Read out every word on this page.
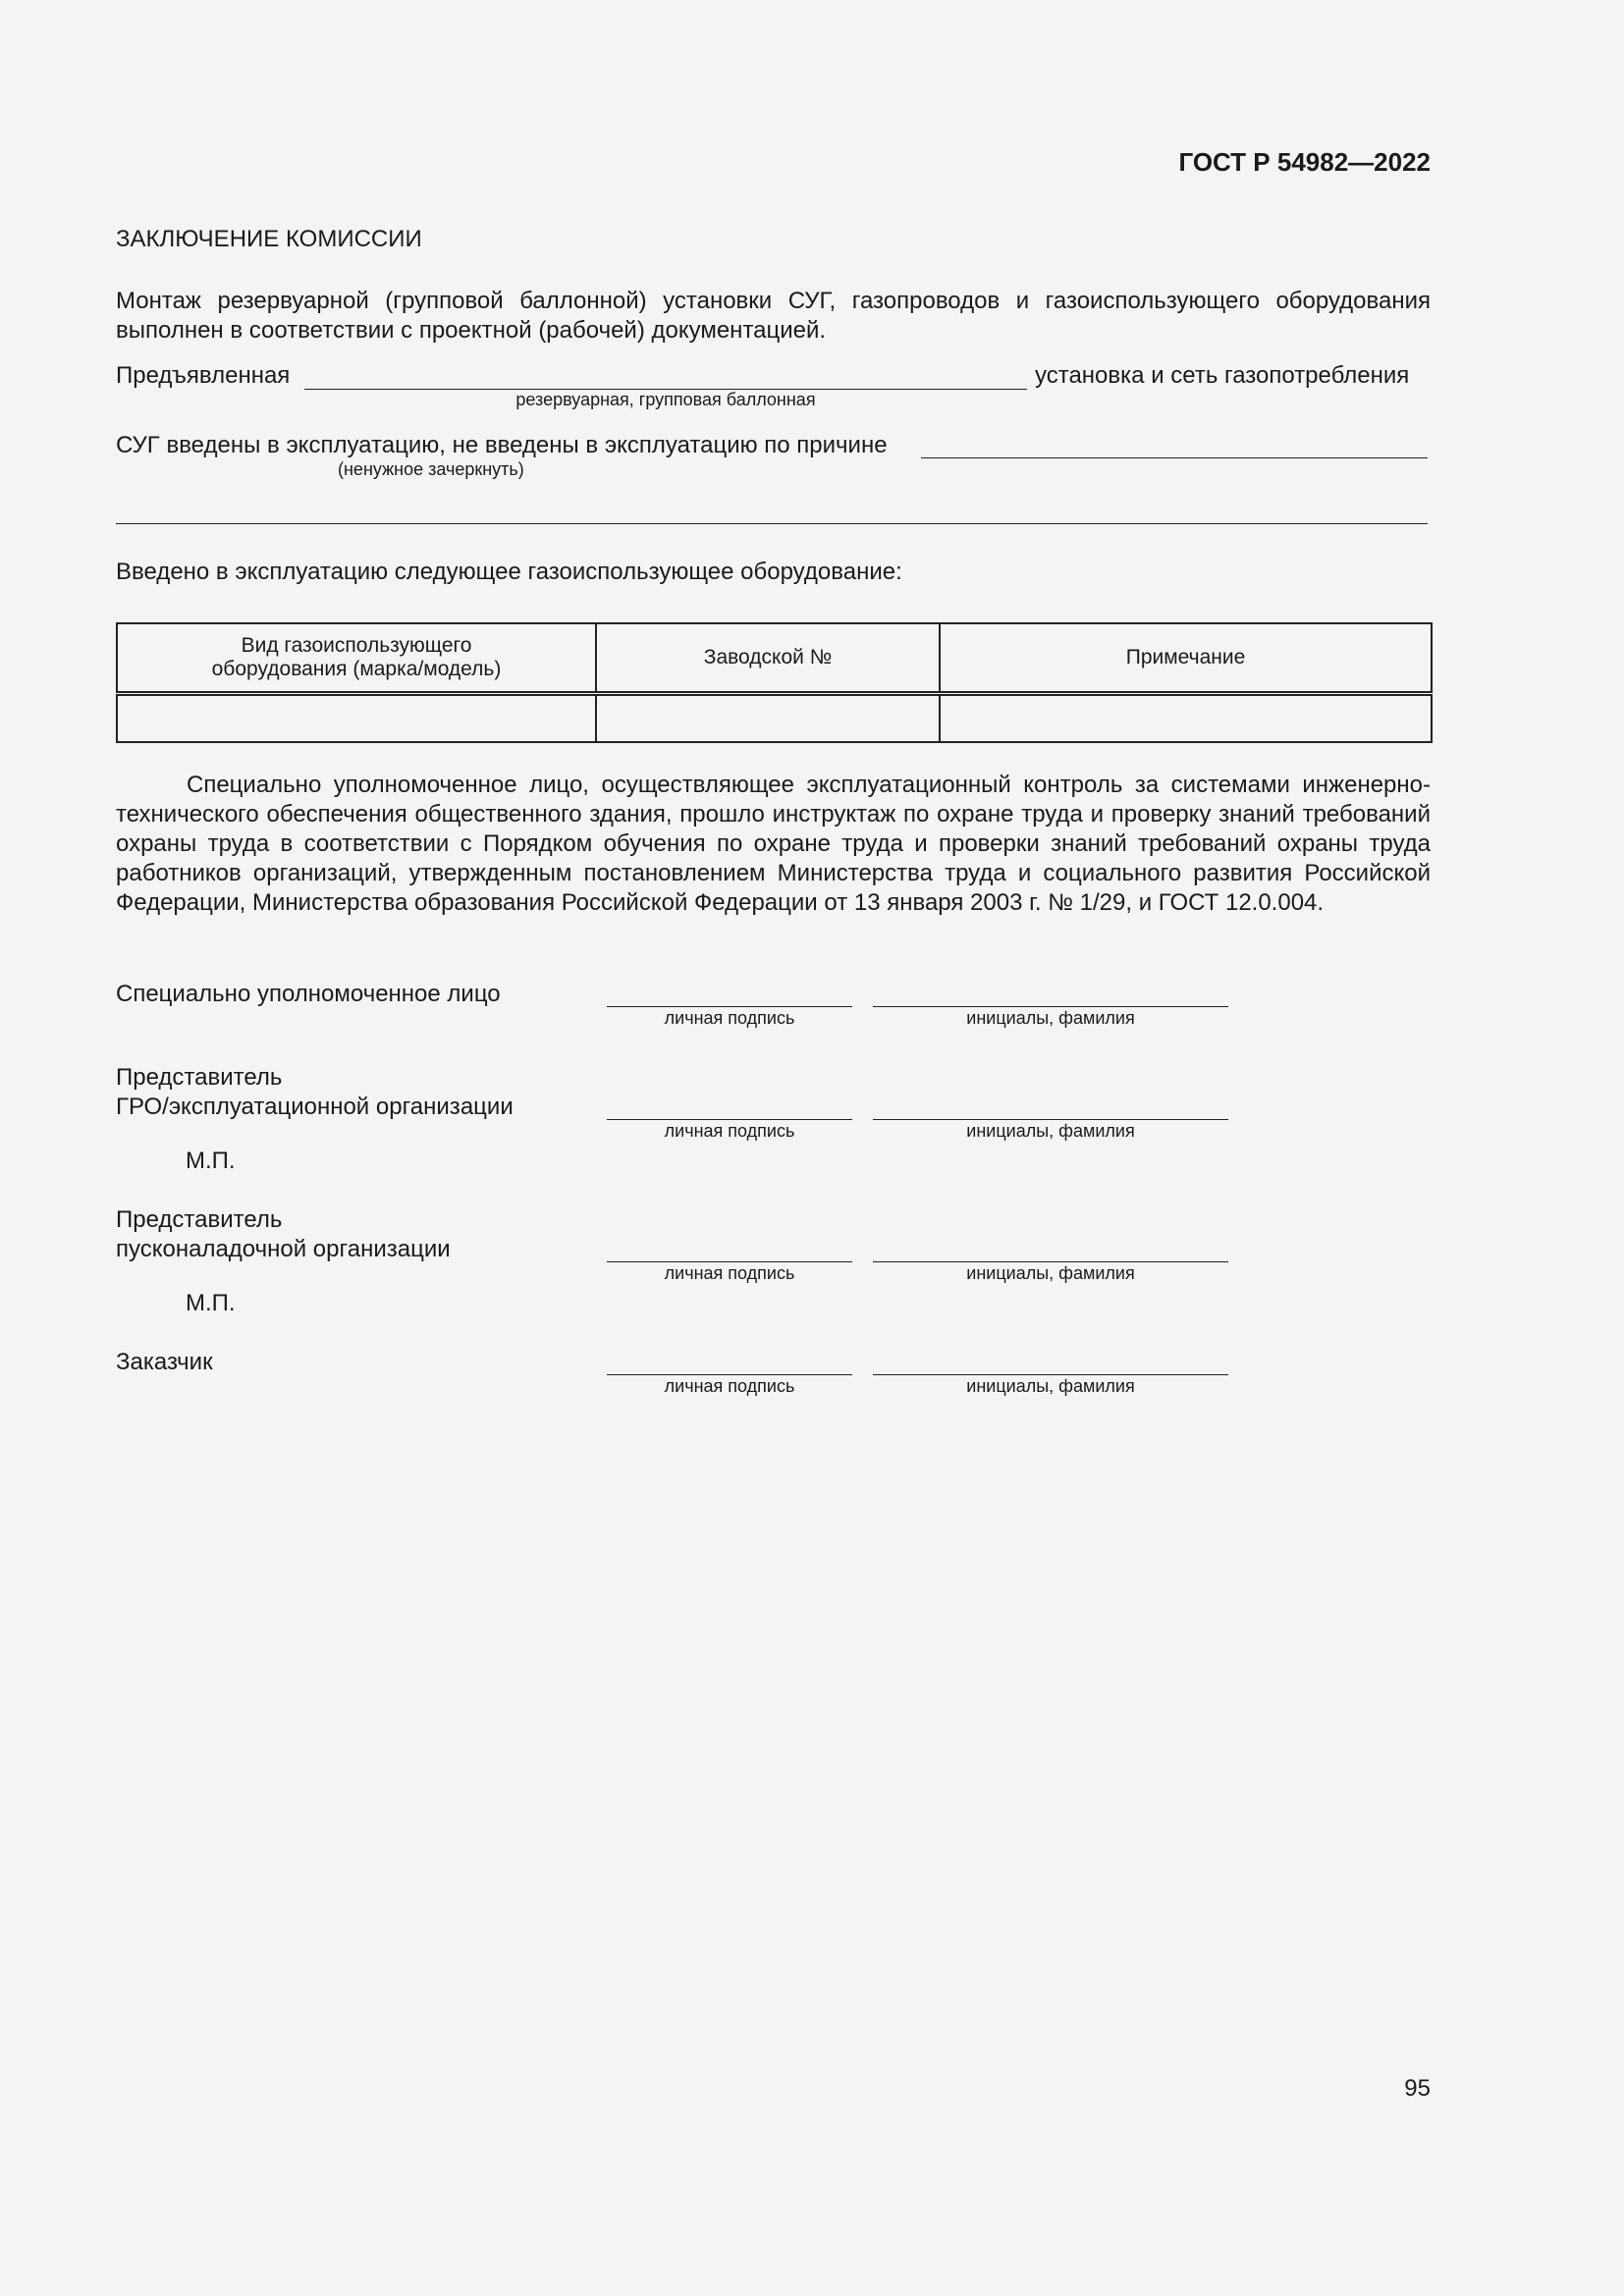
ГОСТ Р 54982—2022
ЗАКЛЮЧЕНИЕ КОМИССИИ
Монтаж резервуарной (групповой баллонной) установки СУГ, газопроводов и газоиспользующего оборудования выполнен в соответствии с проектной (рабочей) документацией.
Предъявленная	установка и сеть газопотребления
резервуарная, групповая баллонная
СУГ введены в эксплуатацию, не введены в эксплуатацию по причине
(ненужное зачеркнуть)
Введено в эксплуатацию следующее газоиспользующее оборудование:
Вид газоиспользующего
оборудования (марка/модель)	Заводской №	Примечание

Специально уполномоченное лицо, осуществляющее эксплуатационный контроль за системами инженерно-технического обеспечения общественного здания, прошло инструктаж по охране труда и проверку знаний требований охраны труда в соответствии с Порядком обучения по охране труда и проверки знаний требований охраны труда работников организаций, утвержденным постановлением Министерства труда и социального развития Российской Федерации, Министерства образования Российской Федерации от 13 января 2003 г. № 1/29, и ГОСТ 12.0.004.
Специально уполномоченное лицо
личная подпись	инициалы, фамилия
Представитель
ГРО/эксплуатационной организации
личная подпись	инициалы, фамилия
М.П.
Представитель
пусконаладочной организации
личная подпись	инициалы, фамилия
М.П.
Заказчик
личная подпись	инициалы, фамилия
95
